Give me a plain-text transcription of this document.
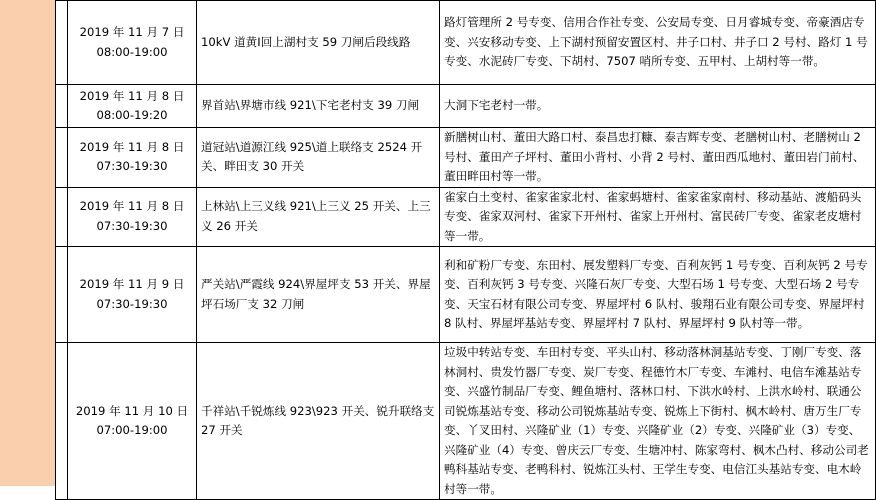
	2019 年 11 月 7 日
08:00-19:00	10kV 道黄Ⅰ回上湖村支 59 刀闸后段线路	路灯管理所 2 号专变、信用合作社专变、公安局专变、日月睿城专变、帝豪酒店专变、兴安移动专变、上下湖村预留安置区村、井子口村、井子口 2 号村、路灯 1 号专变、水泥砖厂专变、下胡村、7507 哨所专变、五甲村、上胡村等一带。

	2019 年 11 月 8 日
08:00-19:20	界首站\界塘市线 921\下宅老村支 39 刀闸	大洞下宅老村一带。

	2019 年 11 月 8 日
07:30-19:30	道冠站\道源江线 925\道上联络支 2524 开关、畔田支 30 开关	新膳树山村、董田大路口村、泰昌忠打糠、泰吉辉专变、老膳树山村、老膳树山 2 号村、董田产子坪村、董田小背村、小背 2 号村、董田西瓜地村、董田岩门前村、董田畔田村等一带。

	2019 年 11 月 8 日
07:30-19:30	上林站\上三义线 921\上三义 25 开关、上三义 26 开关	雀家白土变村、雀家雀家北村、雀家蚂塘村、雀家雀家南村、移动基站、渡船码头专变、雀家双河村、雀家下开州村、雀家上开州村、富民砖厂专变、雀家老皮塘村等一带。

	2019 年 11 月 9 日
07:30-19:30	严关站\严霞线 924\界屋坪支 53 开关、界屋坪石场厂支 32 刀闸	利和矿粉厂专变、东田村、展发塑料厂专变、百利灰钙 1 号专变、百利灰钙 2 号专变、百利灰钙 3 号专变、兴隆石灰厂专变、大型石场 1 号专变、大型石场 2 号专变、天宝石材有限公司专变、界屋坪村 6 队村、骏翔石业有限公司专变、界屋坪村 8 队村、界屋坪基站专变、界屋坪村 7 队村、界屋坪村 9 队村等一带。

	2019 年 11 月 10 日
07:00-19:00	千祥站\千锐炼线 923\923 开关、锐升联络支 27 开关	垃圾中转站专变、车田村专变、平头山村、移动落林洞基站专变、丁刚厂专变、落林洞村、贵发竹器厂专变、炭厂专变、程德竹木厂专变、车滩村、电信车滩基站专变、兴盛竹制品厂专变、鲤鱼塘村、落林口村、下洪水岭村、上洪水岭村、联通公司锐炼基站专变、移动公司锐炼基站专变、锐炼上下街村、枫木岭村、唐万生厂专变、丫叉田村、兴隆矿业（1）专变、兴隆矿业（2）专变、兴隆矿业（3）专变、兴隆矿业（4）专变、曾庆云厂专变、生塘冲村、陈家弯村、枫木凸村、移动公司老鸭科基站专变、老鸭科村、锐炼江头村、王学生专变、电信江头基站专变、电木岭村等一带。
